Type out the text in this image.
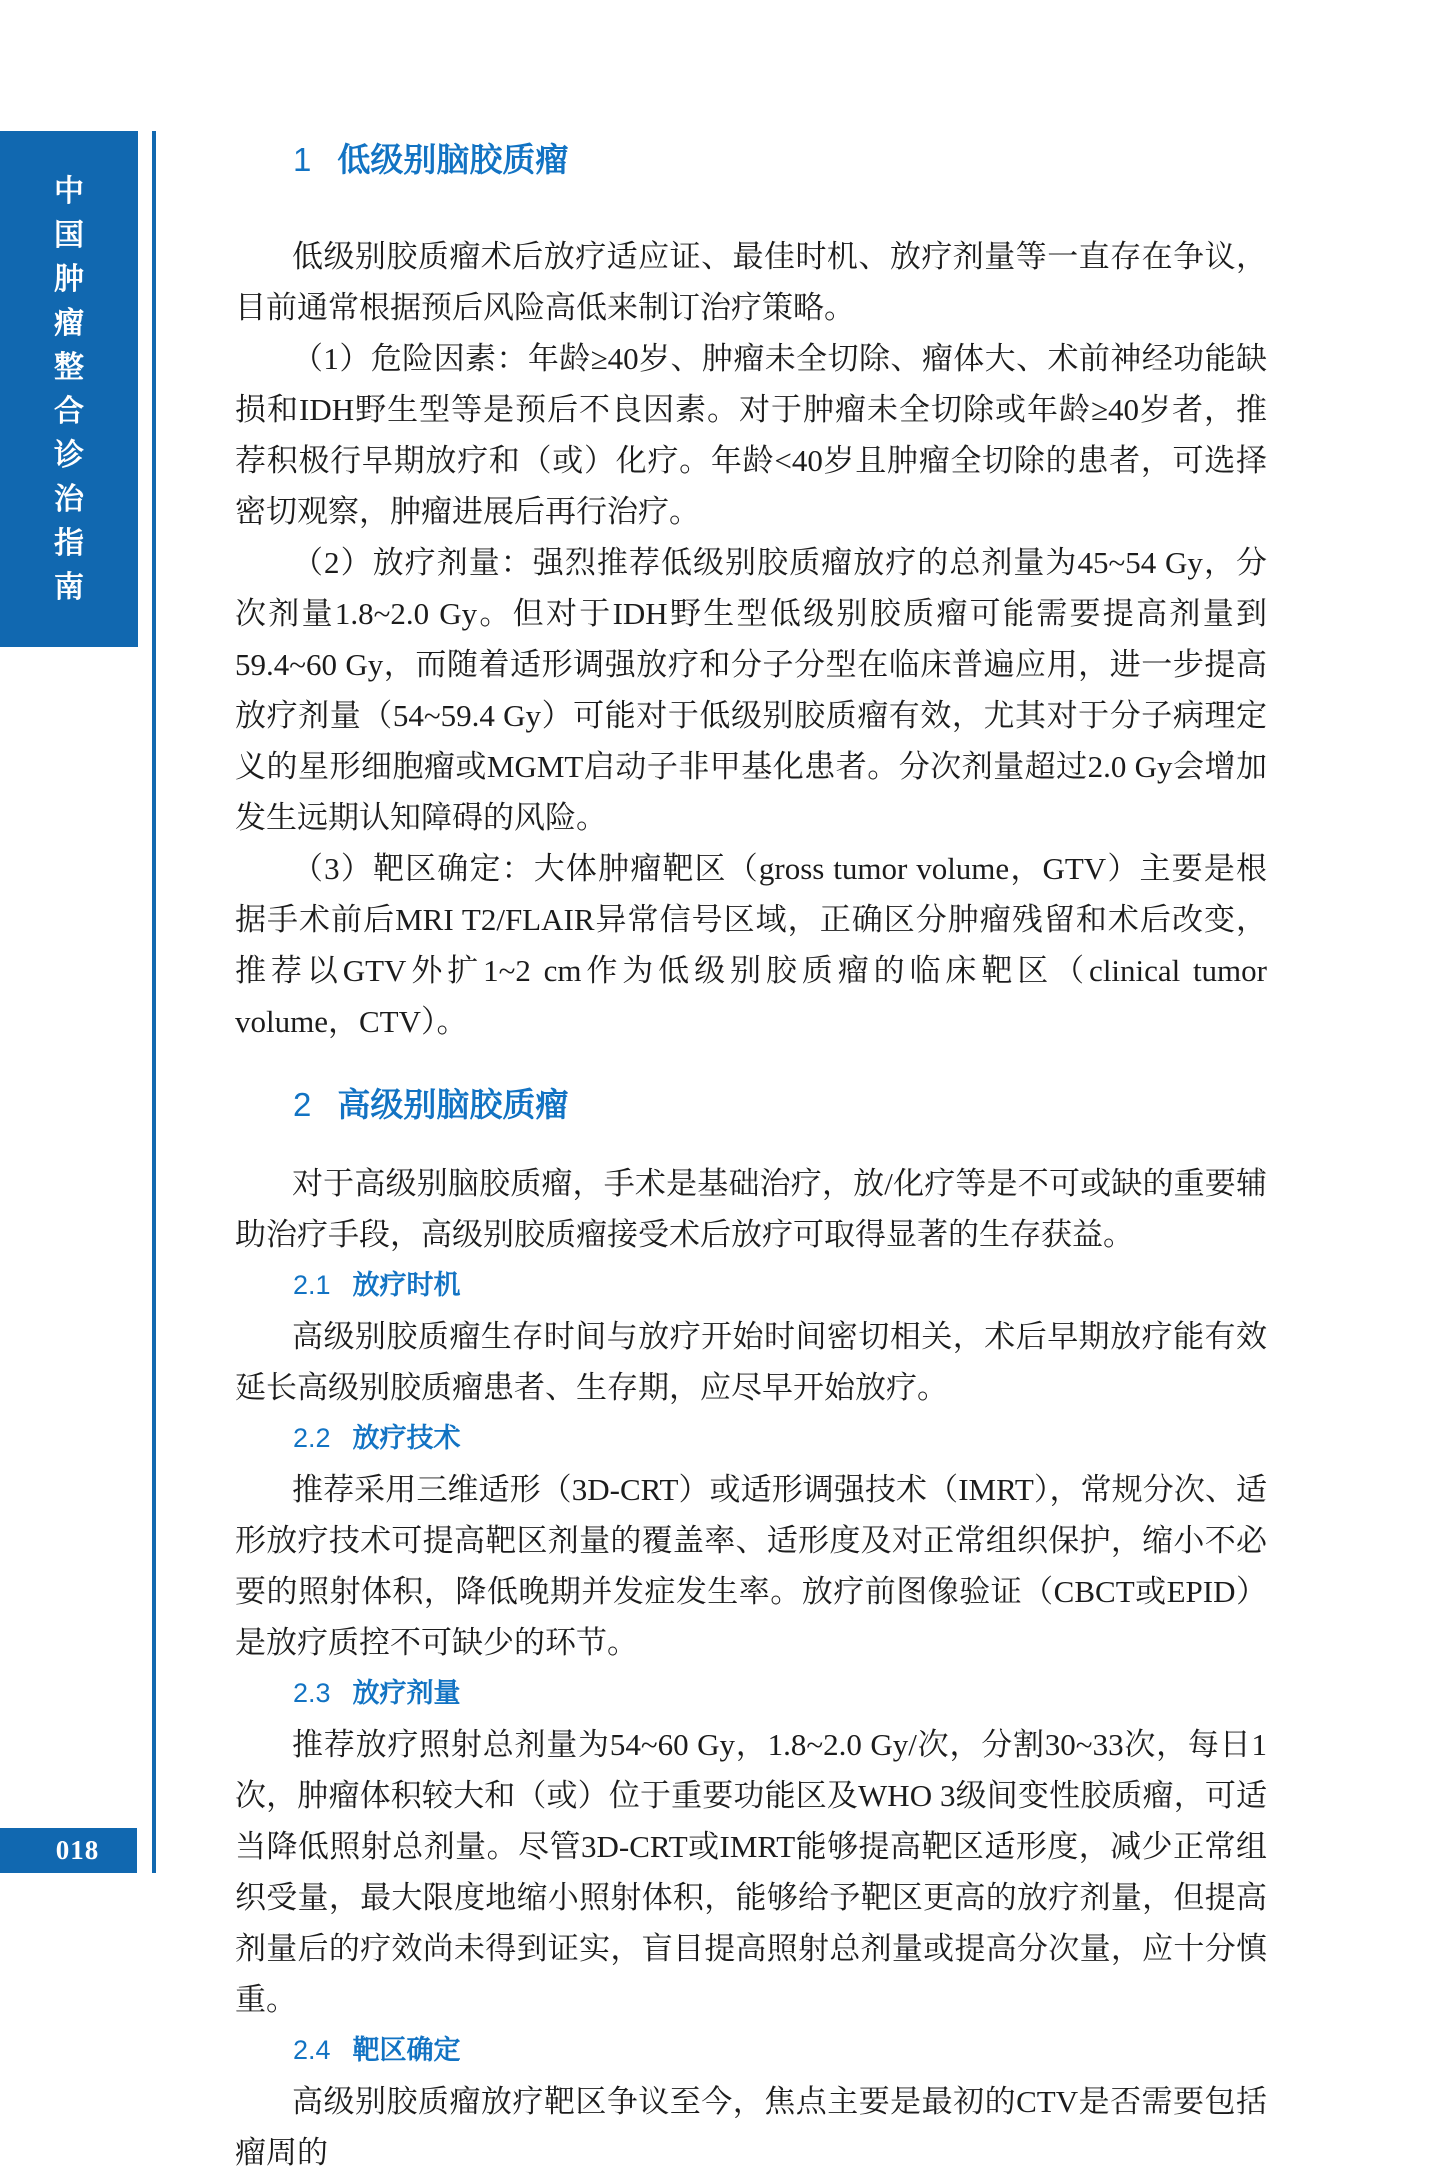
中
国
肿
瘤
整
合
诊
治
指
南
018
1 低级别脑胶质瘤

低级别胶质瘤术后放疗适应证、最佳时机、放疗剂量等一直存在争议，目前通常根据预后风险高低来制订治疗策略。

（1）危险因素：年龄≥40岁、肿瘤未全切除、瘤体大、术前神经功能缺损和IDH野生型等是预后不良因素。对于肿瘤未全切除或年龄≥40岁者，推荐积极行早期放疗和（或）化疗。年龄<40岁且肿瘤全切除的患者，可选择密切观察，肿瘤进展后再行治疗。

（2）放疗剂量：强烈推荐低级别胶质瘤放疗的总剂量为45~54 Gy，分次剂量1.8~2.0 Gy。但对于IDH野生型低级别胶质瘤可能需要提高剂量到59.4~60 Gy，而随着适形调强放疗和分子分型在临床普遍应用，进一步提高放疗剂量（54~59.4 Gy）可能对于低级别胶质瘤有效，尤其对于分子病理定义的星形细胞瘤或MGMT启动子非甲基化患者。分次剂量超过2.0 Gy会增加发生远期认知障碍的风险。

（3）靶区确定：大体肿瘤靶区（gross tumor volume，GTV）主要是根据手术前后MRI T2/FLAIR异常信号区域，正确区分肿瘤残留和术后改变，推荐以GTV外扩1~2 cm作为低级别胶质瘤的临床靶区（clinical tumor volume，CTV）。

2 高级别脑胶质瘤

对于高级别脑胶质瘤，手术是基础治疗，放/化疗等是不可或缺的重要辅助治疗手段，高级别胶质瘤接受术后放疗可取得显著的生存获益。

2.1 放疗时机

高级别胶质瘤生存时间与放疗开始时间密切相关，术后早期放疗能有效延长高级别胶质瘤患者、生存期，应尽早开始放疗。

2.2 放疗技术

推荐采用三维适形（3D-CRT）或适形调强技术（IMRT），常规分次、适形放疗技术可提高靶区剂量的覆盖率、适形度及对正常组织保护，缩小不必要的照射体积，降低晚期并发症发生率。放疗前图像验证（CBCT或EPID）是放疗质控不可缺少的环节。

2.3 放疗剂量

推荐放疗照射总剂量为54~60 Gy，1.8~2.0 Gy/次，分割30~33次，每日1次，肿瘤体积较大和（或）位于重要功能区及WHO 3级间变性胶质瘤，可适当降低照射总剂量。尽管3D-CRT或IMRT能够提高靶区适形度，减少正常组织受量，最大限度地缩小照射体积，能够给予靶区更高的放疗剂量，但提高剂量后的疗效尚未得到证实，盲目提高照射总剂量或提高分次量，应十分慎重。

2.4 靶区确定

高级别胶质瘤放疗靶区争议至今，焦点主要是最初的CTV是否需要包括瘤周的
